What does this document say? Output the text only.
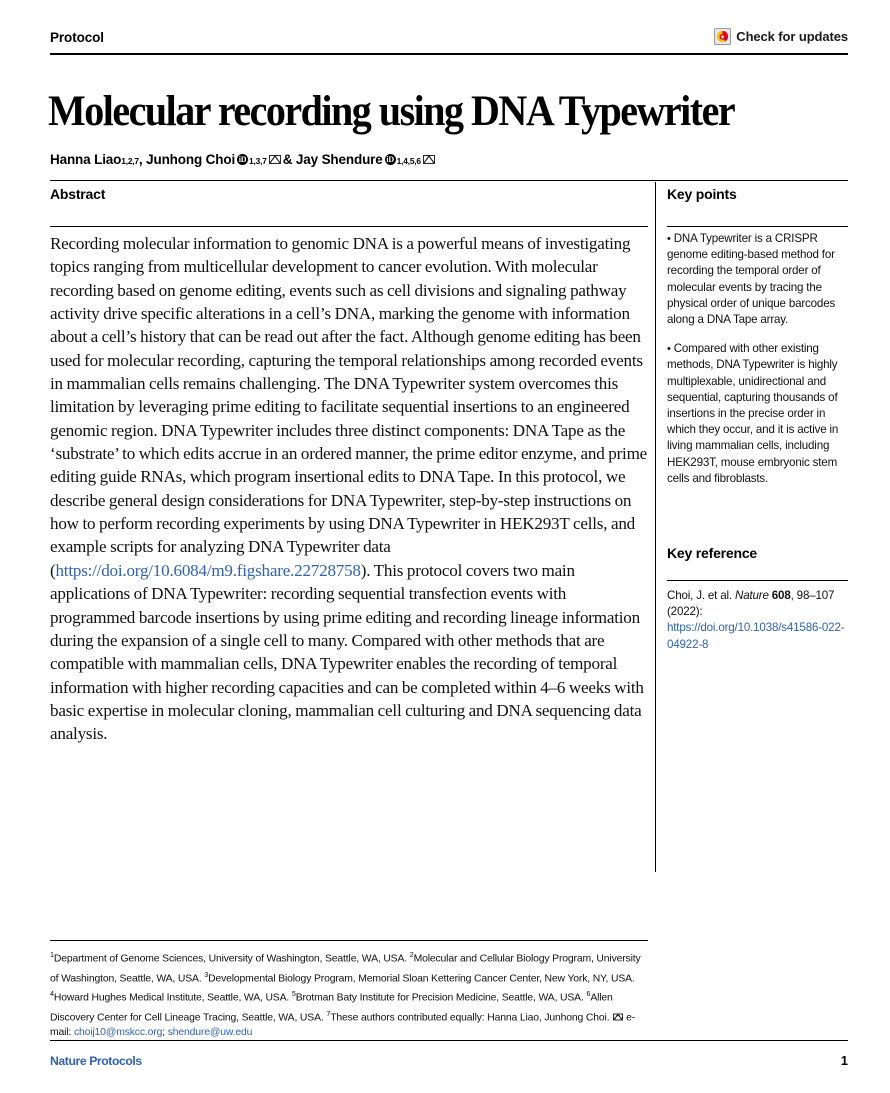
Protocol	Check for updates
Molecular recording using DNA Typewriter
Hanna Liao 1,2,7 , Junhong Choi iD 1,3,7 &
Jay Shendure iD 1,4,5,6
Abstract
Recording molecular information to genomic DNA is a powerful means of investigating topics ranging from multicellular development to cancer evolution. With molecular recording based on genome editing, events such as cell divisions and signaling pathway activity drive specific alterations in a cell’s DNA, marking the genome with information about a cell’s history that can be read out after the fact. Although genome editing has been used for molecular recording, capturing the temporal relationships among recorded events in mammalian cells remains challenging. The DNA Typewriter system overcomes this limitation by leveraging prime editing to facilitate sequential insertions to an engineered genomic region. DNA Typewriter includes three distinct components: DNA Tape as the ‘substrate’ to which edits accrue in an ordered manner, the prime editor enzyme, and prime editing guide RNAs, which program insertional edits to DNA Tape. In this protocol, we describe general design considerations for DNA Typewriter, step-by-step instructions on how to perform recording experiments by using DNA Typewriter in HEK293T cells, and example scripts for analyzing DNA Typewriter data (https://doi.org/10.6084/m9.figshare.22728758). This protocol covers two main applications of DNA Typewriter: recording sequential transfection events with programmed barcode insertions by using prime editing and recording lineage information during the expansion of a single cell to many. Compared with other methods that are compatible with mammalian cells, DNA Typewriter enables the recording of temporal information with higher recording capacities and can be completed within 4–6 weeks with basic expertise in molecular cloning, mammalian cell culturing and DNA sequencing data analysis.
Key points
• DNA Typewriter is a CRISPR genome editing-based method for recording the temporal order of molecular events by tracing the physical order of unique barcodes along a DNA Tape array.
• Compared with other existing methods, DNA Typewriter is highly multiplexable, unidirectional and sequential, capturing thousands of insertions in the precise order in which they occur, and it is active in living mammalian cells, including HEK293T, mouse embryonic stem cells and fibroblasts.
Key reference
Choi, J. et al. Nature 608, 98–107 (2022): https://doi.org/10.1038/s41586-022-04922-8
$^1$Department of Genome Sciences, University of Washington, Seattle, WA, USA. $^2$Molecular and Cellular Biology Program, University of Washington, Seattle, WA, USA. $^3$Developmental Biology Program, Memorial Sloan Kettering Cancer Center, New York, NY, USA. $^4$Howard Hughes Medical Institute, Seattle, WA, USA. $^5$Brotman Baty Institute for Precision Medicine, Seattle, WA, USA. $^6$Allen Discovery Center for Cell Lineage Tracing, Seattle, WA, USA. $^7$These authors contributed equally: Hanna Liao, Junhong Choi. e-mail: choij10@mskcc.org; shendure@uw.edu
Nature Protocols	1
